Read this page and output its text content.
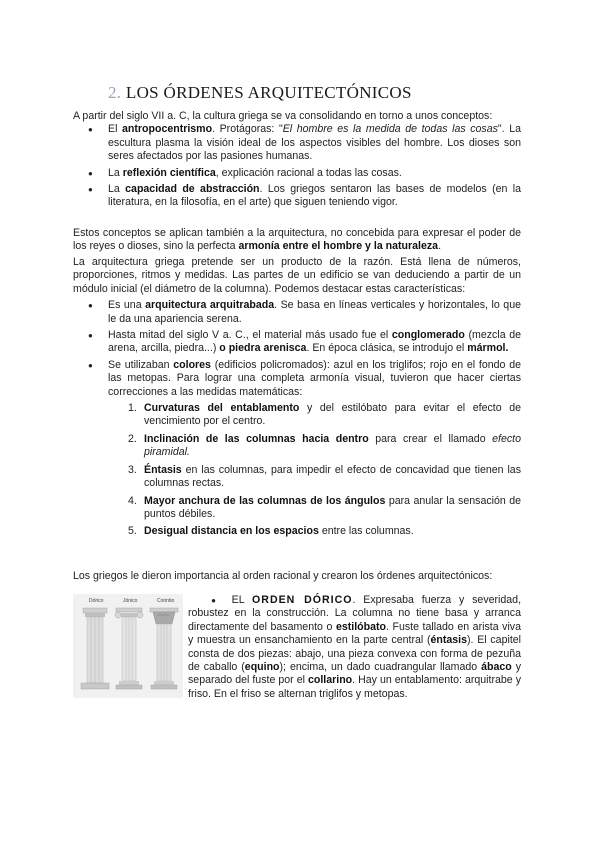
2. LOS ÓRDENES ARQUITECTÓNICOS

A partir del siglo VII a. C, la cultura griega se va consolidando en torno a unos conceptos:

● El antropocentrismo. Protágoras: "El hombre es la medida de todas las cosas". La escultura plasma la visión ideal de los aspectos visibles del hombre. Los dioses son seres afectados por las pasiones humanas.
● La reflexión científica, explicación racional a todas las cosas.
● La capacidad de abstracción. Los griegos sentaron las bases de modelos (en la literatura, en la filosofía, en el arte) que siguen teniendo vigor.

Estos conceptos se aplican también a la arquitectura, no concebida para expresar el poder de los reyes o dioses, sino la perfecta armonía entre el hombre y la naturaleza.

La arquitectura griega pretende ser un producto de la razón. Está llena de números, proporciones, ritmos y medidas. Las partes de un edificio se van deduciendo a partir de un módulo inicial (el diámetro de la columna). Podemos destacar estas características:

● Es una arquitectura arquitrabada. Se basa en líneas verticales y horizontales, lo que le da una apariencia serena.
● Hasta mitad del siglo V a. C., el material más usado fue el conglomerado (mezcla de arena, arcilla, piedra...) o piedra arenisca. En época clásica, se introdujo el mármol.
● Se utilizaban colores (edificios policromados): azul en los triglifos; rojo en el fondo de las metopas. Para lograr una completa armonía visual, tuvieron que hacer ciertas correcciones a las medidas matemáticas:
1. Curvaturas del entablamento y del estilóbato para evitar el efecto de vencimiento por el centro.
2. Inclinación de las columnas hacia dentro para crear el llamado efecto piramidal.
3. Éntasis en las columnas, para impedir el efecto de concavidad que tienen las columnas rectas.
4. Mayor anchura de las columnas de los ángulos para anular la sensación de puntos débiles.
5. Desigual distancia en los espacios entre las columnas.

Los griegos le dieron importancia al orden racional y crearon los órdenes arquitectónicos:

Dórico	Jónico	Corintio	● EL ORDEN DÓRICO. Expresaba fuerza y severidad, robustez en la construcción. La columna no tiene basa y arranca directamente del basamento o estilóbato. Fuste tallado en arista viva y muestra un ensanchamiento en la parte central (éntasis). El capitel consta de dos piezas: abajo, una pieza convexa con forma de pezuña de caballo (equino); encima, un dado cuadrangular llamado ábaco y separado del fuste por el collarino. Hay un entablamento: arquitrabe y friso. En el friso se alternan triglifos y metopas.
